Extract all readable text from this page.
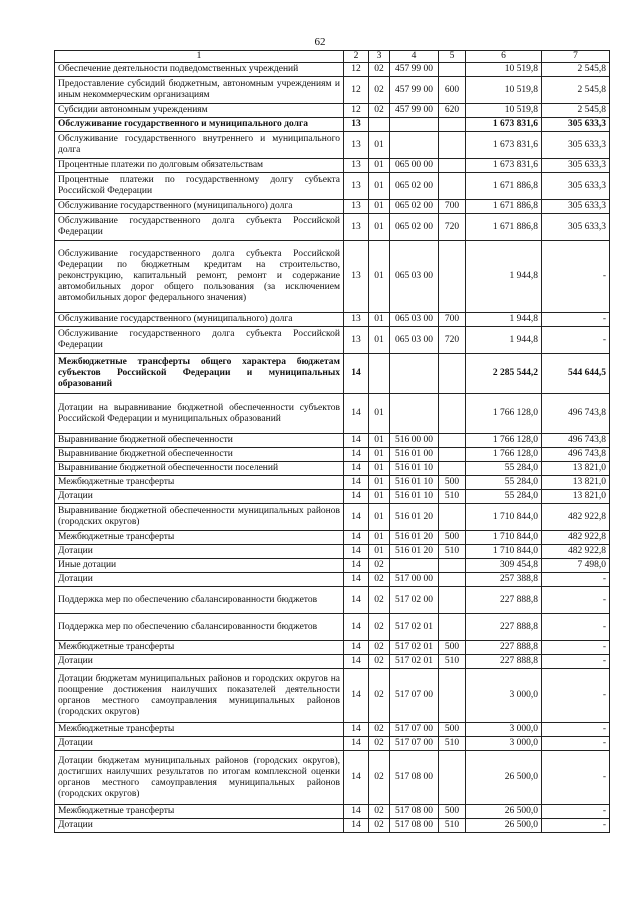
62
1	2	3	4	5	6	7
Обеспечение деятельности подведомственных учреждений	12	02	457 99 00		10 519,8	2 545,8
Предоставление субсидий бюджетным, автономным учреждениям и иным некоммерческим организациям	12	02	457 99 00	600	10 519,8	2 545,8
Субсидии автономным учреждениям	12	02	457 99 00	620	10 519,8	2 545,8
Обслуживание государственного и муниципального долга	13				1 673 831,6	305 633,3
Обслуживание государственного внутреннего и муниципального долга	13	01			1 673 831,6	305 633,3
Процентные платежи по долговым обязательствам	13	01	065 00 00		1 673 831,6	305 633,3
Процентные платежи по государственному долгу субъекта Российской Федерации	13	01	065 02 00		1 671 886,8	305 633,3
Обслуживание государственного (муниципального) долга	13	01	065 02 00	700	1 671 886,8	305 633,3
Обслуживание государственного долга субъекта Российской Федерации	13	01	065 02 00	720	1 671 886,8	305 633,3
Обслуживание государственного долга субъекта Российской Федерации по бюджетным кредитам на строительство, реконструкцию, капитальный ремонт, ремонт и содержание автомобильных дорог общего пользования (за исключением автомобильных дорог федерального значения)	13	01	065 03 00		1 944,8	-
Обслуживание государственного (муниципального) долга	13	01	065 03 00	700	1 944,8	-
Обслуживание государственного долга субъекта Российской Федерации	13	01	065 03 00	720	1 944,8	-
Межбюджетные трансферты общего характера бюджетам субъектов Российской Федерации и муниципальных образований	14				2 285 544,2	544 644,5
Дотации на выравнивание бюджетной обеспеченности субъектов Российской Федерации и муниципальных образований	14	01			1 766 128,0	496 743,8
Выравнивание бюджетной обеспеченности	14	01	516 00 00		1 766 128,0	496 743,8
Выравнивание бюджетной обеспеченности	14	01	516 01 00		1 766 128,0	496 743,8
Выравнивание бюджетной обеспеченности поселений	14	01	516 01 10		55 284,0	13 821,0
Межбюджетные трансферты	14	01	516 01 10	500	55 284,0	13 821,0
Дотации	14	01	516 01 10	510	55 284,0	13 821,0
Выравнивание бюджетной обеспеченности муниципальных районов (городских округов)	14	01	516 01 20		1 710 844,0	482 922,8
Межбюджетные трансферты	14	01	516 01 20	500	1 710 844,0	482 922,8
Дотации	14	01	516 01 20	510	1 710 844,0	482 922,8
Иные дотации	14	02			309 454,8	7 498,0
Дотации	14	02	517 00 00		257 388,8	-
Поддержка мер по обеспечению сбалансированности бюджетов	14	02	517 02 00		227 888,8	-
Поддержка мер по обеспечению сбалансированности бюджетов	14	02	517 02 01		227 888,8	-
Межбюджетные трансферты	14	02	517 02 01	500	227 888,8	-
Дотации	14	02	517 02 01	510	227 888,8	-
Дотации бюджетам муниципальных районов и городских округов на поощрение достижения наилучших показателей деятельности органов местного самоуправления муниципальных районов (городских округов)	14	02	517 07 00		3 000,0	-
Межбюджетные трансферты	14	02	517 07 00	500	3 000,0	-
Дотации	14	02	517 07 00	510	3 000,0	-
Дотации бюджетам муниципальных районов (городских округов), достигших наилучших результатов по итогам комплексной оценки органов местного самоуправления муниципальных районов (городских округов)	14	02	517 08 00		26 500,0	-
Межбюджетные трансферты	14	02	517 08 00	500	26 500,0	-
Дотации	14	02	517 08 00	510	26 500,0	-
